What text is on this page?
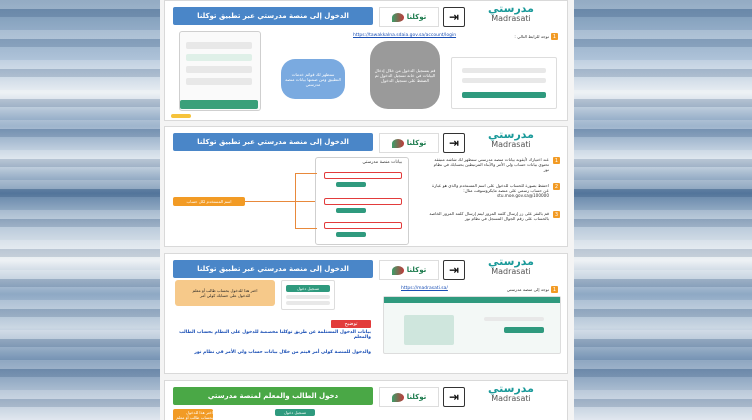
الدخول إلى منصة مدرستي عبر تطبيق توكلنا	توكلنا	⇥
مدرستي
Madrasati
1
توجه للرابط التالي :
https://tawakkalna.sdaia.gov.sa/account/login
ستظهر لك قوائم خدمات التطبيق ومن ضمنها بيانات منصة مدرستي
قم بتسجيل الدخول من خلال إدخال البيانات في خانة تسجيل الدخول ثم الضغط على تسجيل الدخول
الدخول إلى منصة مدرستي عبر تطبيق توكلنا	توكلنا	⇥
مدرستي
Madrasati
1
عند اختيارك لأيقونة بيانات منصة مدرستي ستظهر لك شاشة منبثقة تحتوي بيانات حساب ولي الأمر والأبناء المرتبطين بحسابك في نظام نور
2
احتفظ بصورة للحساب للدخول على اسم المستخدم والذي هو عبارة عن حساب رسمي على منصة مايكروسوفت مثال: 100000@stu.moe.gov.sa
3
قم بالنقر على زر إرسال كلمة المرور ليتم إرسال كلمة المرور الخاصة بالحساب على رقم الجوال المسجل في نظام نور
بيانات منصة مدرستي
اسم المستخدم لكل حساب
الدخول إلى منصة مدرستي عبر تطبيق توكلنا	توكلنا	⇥
مدرستي
Madrasati
1
توجه إلى منصة مدرستي
https://madrasati.sa/
اختر هذا للدخول بحساب طالب أو معلم
للدخول على حسابك كولي أمر
تسجيل دخول
توضيح
بيانات الدخول المستلمة عن طريق توكلنا مخصصة للدخول على النظام بحساب الطالب والمعلم
والدخول للمنصة كولي أمر فيتم من خلال بيانات حساب ولي الأمر في نظام نور
دخول الطالب والمعلم لمنصة مدرستي	توكلنا	⇥
مدرستي
Madrasati
اختر هذا للدخول بحساب طالب أو معلم
تسجيل دخول
